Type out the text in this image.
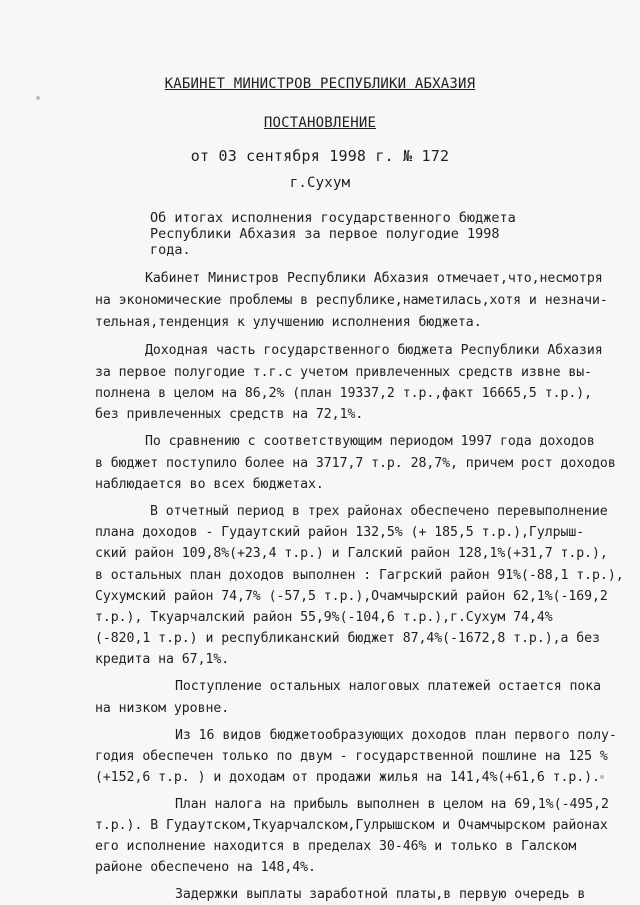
КАБИНЕТ МИНИСТРОВ РЕСПУБЛИКИ АБХАЗИЯ
ПОСТАНОВЛЕНИЕ
от 03 сентября 1998 г. № 172
г.Сухум
Об итогах исполнения государственного бюджета
Республики Абхазия за первое полугодие 1998
года.
Кабинет Министров Республики Абхазия отмечает,что,несмотря
на экономические проблемы в республике,наметилась,хотя и незначи-
тельная,тенденция к улучшению исполнения бюджета.
Доходная часть государственного бюджета Республики Абхазия
за первое полугодие т.г.с учетом привлеченных средств извне вы-
полнена в целом на 86,2% (план 19337,2 т.р.,факт 16665,5 т.р.),
без привлеченных средств на 72,1%.
По сравнению с соответствующим периодом 1997 года доходов
в бюджет поступило более на 3717,7 т.р. 28,7%, причем рост доходов
наблюдается во всех бюджетах.
В отчетный период в трех районах обеспечено перевыполнение
плана доходов - Гудаутский район 132,5% (+ 185,5 т.р.),Гулрыш-
ский район 109,8%(+23,4 т.р.) и Галский район 128,1%(+31,7 т.р.),
в остальных план доходов выполнен : Гагрский район 91%(-88,1 т.р.),
Сухумский район 74,7% (-57,5 т.р.),Очамчырский район 62,1%(-169,2
т.р.), Ткуарчалский район 55,9%(-104,6 т.р.),г.Сухум 74,4%
(-820,1 т.р.) и республиканский бюджет 87,4%(-1672,8 т.р.),а без
кредита на 67,1%.
Поступление остальных налоговых платежей остается пока
на низком уровне.
Из 16 видов бюджетообразующих доходов план первого полу-
годия обеспечен только по двум - государственной пошлине на 125 %
(+152,6 т.р. ) и доходам от продажи жилья на 141,4%(+61,6 т.р.).
План налога на прибыль выполнен в целом на 69,1%(-495,2
т.р.). В Гудаутском,Ткуарчалском,Гулрышском и Очамчырском районах
его исполнение находится в пределах 30-46% и только в Галском
районе обеспечено на 148,4%.
Задержки выплаты заработной платы,в первую очередь в
